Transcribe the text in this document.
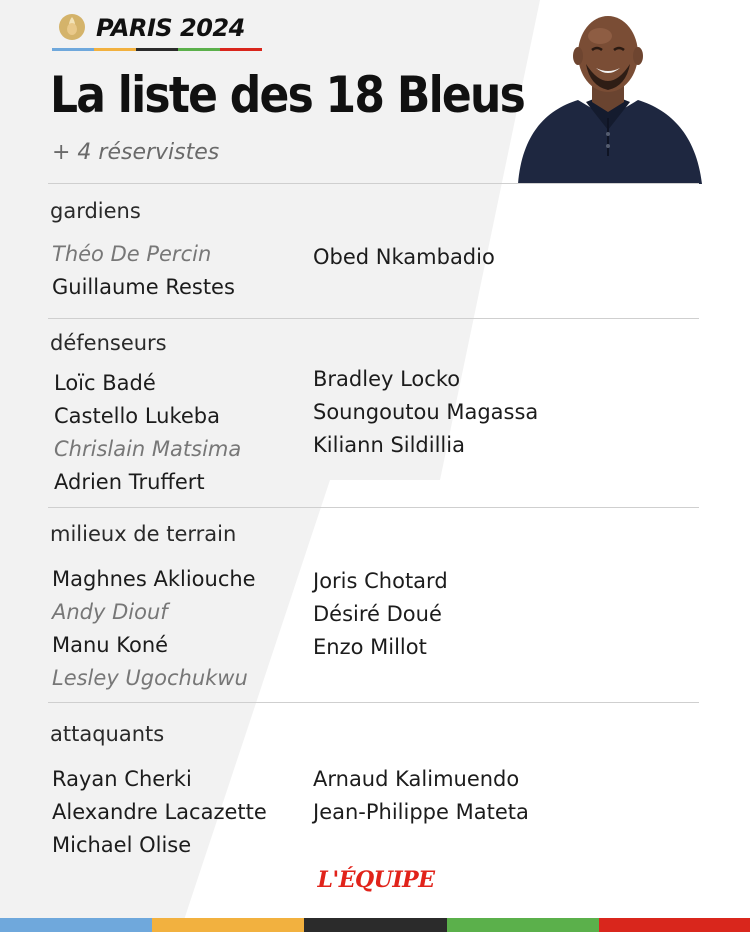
PARIS 2024
La liste des 18 Bleus
+ 4 réservistes
gardiens
Théo De Percin
Guillaume Restes
Obed Nkambadio
défenseurs
Loïc Badé
Castello Lukeba
Chrislain Matsima
Adrien Truffert
Bradley Locko
Soungoutou Magassa
Kiliann Sildillia
milieux de terrain
Maghnes Akliouche
Andy Diouf
Manu Koné
Lesley Ugochukwu
Joris Chotard
Désiré Doué
Enzo Millot
attaquants
Rayan Cherki
Alexandre Lacazette
Michael Olise
Arnaud Kalimuendo
Jean-Philippe Mateta
L'ÉQUIPE
